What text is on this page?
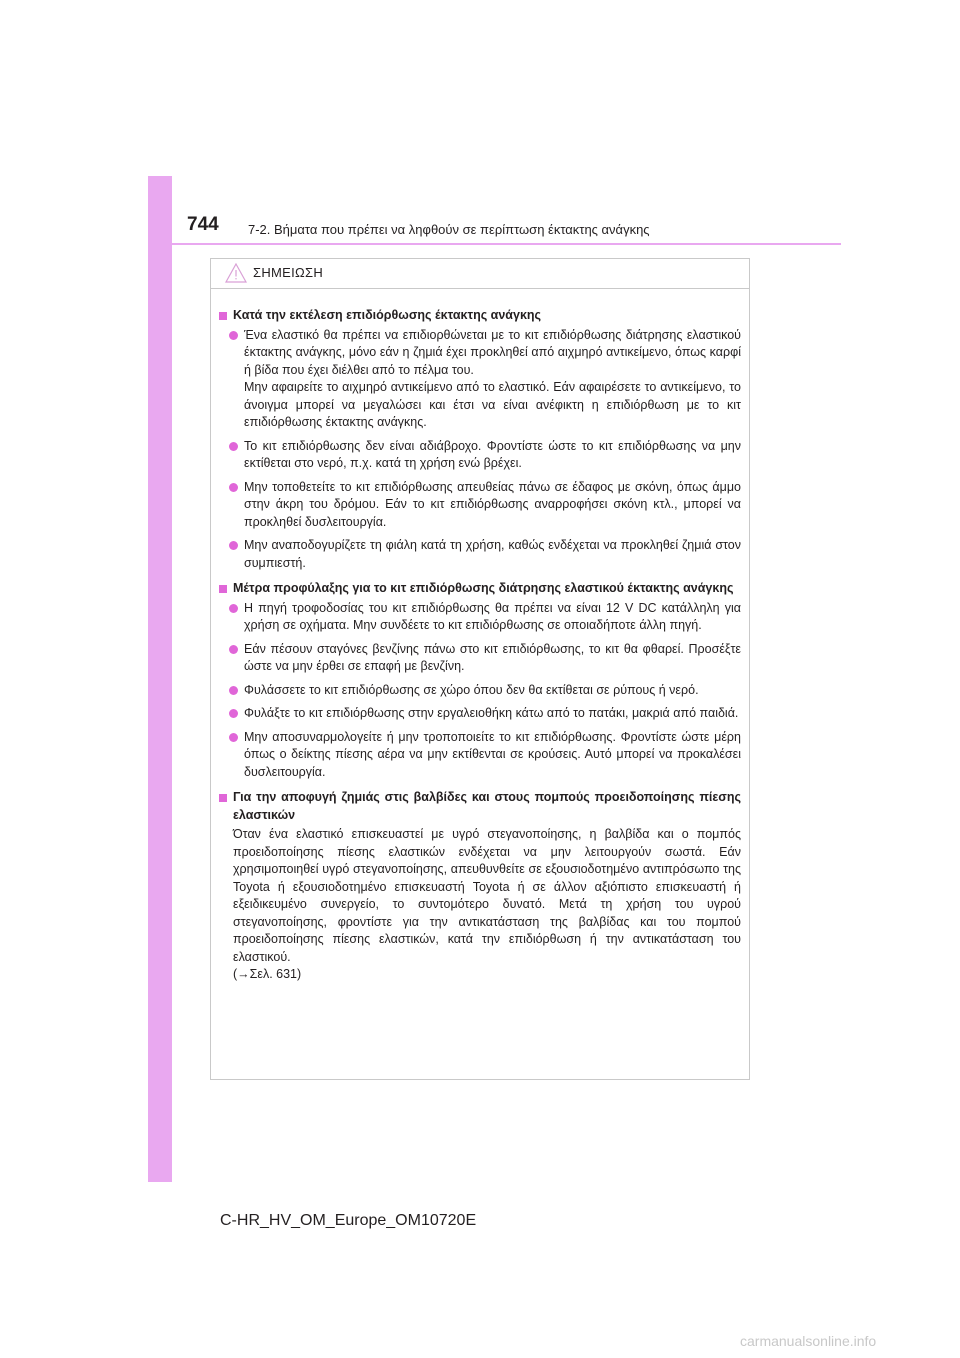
744 7-2. Βήματα που πρέπει να ληφθούν σε περίπτωση έκτακτης ανάγκης
ΣΗΜΕΙΩΣΗ
Κατά την εκτέλεση επιδιόρθωσης έκτακτης ανάγκης
Ένα ελαστικό θα πρέπει να επιδιορθώνεται με το κιτ επιδιόρθωσης διάτρησης ελαστικού έκτακτης ανάγκης, μόνο εάν η ζημιά έχει προκληθεί από αιχμηρό αντικείμενο, όπως καρφί ή βίδα που έχει διέλθει από το πέλμα του.
Μην αφαιρείτε το αιχμηρό αντικείμενο από το ελαστικό. Εάν αφαιρέσετε το αντικείμενο, το άνοιγμα μπορεί να μεγαλώσει και έτσι να είναι ανέφικτη η επιδιόρθωση με το κιτ επιδιόρθωσης έκτακτης ανάγκης.
Το κιτ επιδιόρθωσης δεν είναι αδιάβροχο. Φροντίστε ώστε το κιτ επιδιόρθωσης να μην εκτίθεται στο νερό, π.χ. κατά τη χρήση ενώ βρέχει.
Μην τοποθετείτε το κιτ επιδιόρθωσης απευθείας πάνω σε έδαφος με σκόνη, όπως άμμο στην άκρη του δρόμου. Εάν το κιτ επιδιόρθωσης αναρροφήσει σκόνη κτλ., μπορεί να προκληθεί δυσλειτουργία.
Μην αναποδογυρίζετε τη φιάλη κατά τη χρήση, καθώς ενδέχεται να προκληθεί ζημιά στον συμπιεστή.
Μέτρα προφύλαξης για το κιτ επιδιόρθωσης διάτρησης ελαστικού έκτακτης ανάγκης
Η πηγή τροφοδοσίας του κιτ επιδιόρθωσης θα πρέπει να είναι 12 V DC κατάλληλη για χρήση σε οχήματα. Μην συνδέετε το κιτ επιδιόρθωσης σε οποιαδήποτε άλλη πηγή.
Εάν πέσουν σταγόνες βενζίνης πάνω στο κιτ επιδιόρθωσης, το κιτ θα φθαρεί. Προσέξτε ώστε να μην έρθει σε επαφή με βενζίνη.
Φυλάσσετε το κιτ επιδιόρθωσης σε χώρο όπου δεν θα εκτίθεται σε ρύπους ή νερό.
Φυλάξτε το κιτ επιδιόρθωσης στην εργαλειοθήκη κάτω από το πατάκι, μακριά από παιδιά.
Μην αποσυναρμολογείτε ή μην τροποποιείτε το κιτ επιδιόρθωσης. Φροντίστε ώστε μέρη όπως ο δείκτης πίεσης αέρα να μην εκτίθενται σε κρούσεις. Αυτό μπορεί να προκαλέσει δυσλειτουργία.
Για την αποφυγή ζημιάς στις βαλβίδες και στους πομπούς προειδοποίησης πίεσης ελαστικών
Όταν ένα ελαστικό επισκευαστεί με υγρό στεγανοποίησης, η βαλβίδα και ο πομπός προειδοποίησης πίεσης ελαστικών ενδέχεται να μην λειτουργούν σωστά. Εάν χρησιμοποιηθεί υγρό στεγανοποίησης, απευθυνθείτε σε εξουσιοδοτημένο αντιπρόσωπο της Toyota ή εξουσιοδοτημένο επισκευαστή Toyota ή σε άλλον αξιόπιστο επισκευαστή ή εξειδικευμένο συνεργείο, το συντομότερο δυνατό. Μετά τη χρήση του υγρού στεγανοποίησης, φροντίστε για την αντικατάσταση της βαλβίδας και του πομπού προειδοποίησης πίεσης ελαστικών, κατά την επιδιόρθωση ή την αντικατάσταση του ελαστικού.
(→Σελ. 631)
C-HR_HV_OM_Europe_OM10720E
carmanualsonline.info
